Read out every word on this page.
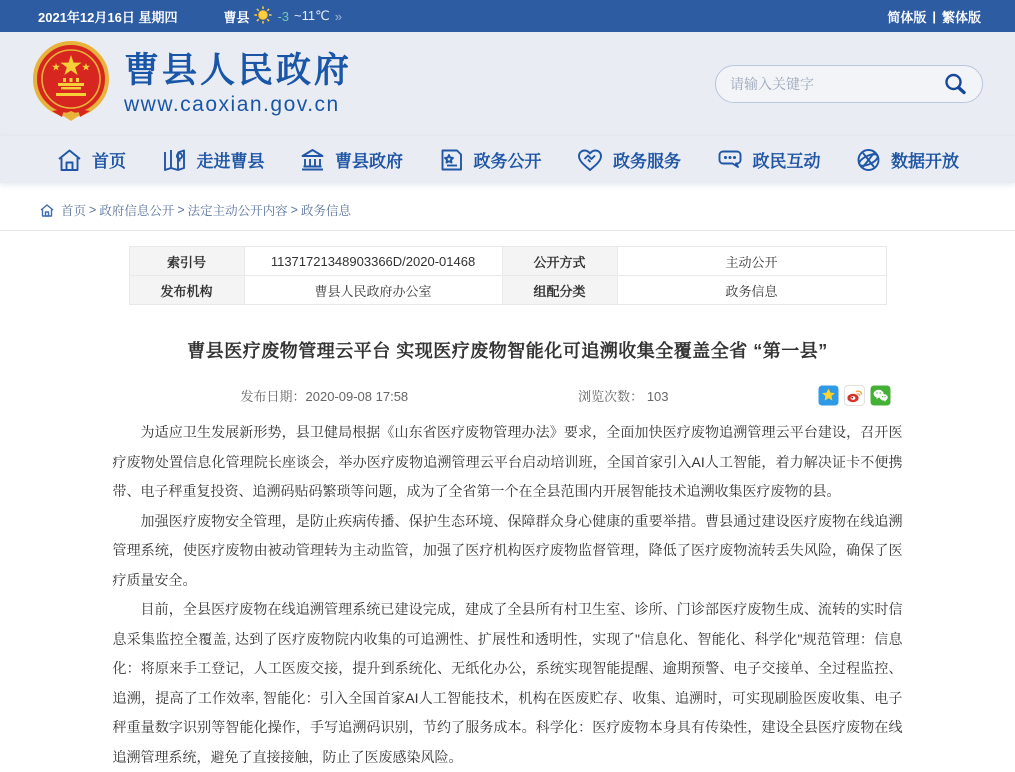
2021年12月16日 星期四	曹县 -3 ~11℃ »	简体版 | 繁体版
曹县人民政府
www.caoxian.gov.cn
请输入关键字
首页	走进曹县	曹县政府	政务公开	政务服务	政民互动	数据开放
首页 > 政府信息公开 > 法定主动公开内容 > 政务信息
索引号	11371721348903366D/2020-01468	公开方式	主动公开
发布机构	曹县人民政府办公室	组配分类	政务信息
曹县医疗废物管理云平台 实现医疗废物智能化可追溯收集全覆盖全省 “第一县”
发布日期：2020-09-08 17:58	浏览次数： 103

为适应卫生发展新形势，县卫健局根据《山东省医疗废物管理办法》要求，全面加快医疗废物追溯管理云平台建设，召开医疗废物处置信息化管理院长座谈会，举办医疗废物追溯管理云平台启动培训班，全国首家引入AI人工智能，着力解决证卡不便携带、电子秤重复投资、追溯码贴码繁琐等问题，成为了全省第一个在全县范围内开展智能技术追溯收集医疗废物的县。

加强医疗废物安全管理，是防止疾病传播、保护生态环境、保障群众身心健康的重要举措。曹县通过建设医疗废物在线追溯管理系统，使医疗废物由被动管理转为主动监管，加强了医疗机构医疗废物监督管理，降低了医疗废物流转丢失风险，确保了医疗质量安全。

目前，全县医疗废物在线追溯管理系统已建设完成，建成了全县所有村卫生室、诊所、门诊部医疗废物生成、流转的实时信息采集监控全覆盖, 达到了医疗废物院内收集的可追溯性、扩展性和透明性，实现了"信息化、智能化、科学化"规范管理：信息化：将原来手工登记，人工医废交接，提升到系统化、无纸化办公，系统实现智能提醒、逾期预警、电子交接单、全过程监控、追溯，提高了工作效率, 智能化：引入全国首家AI人工智能技术，机构在医废贮存、收集、追溯时，可实现刷脸医废收集、电子秤重量数字识别等智能化操作，手写追溯码识别，节约了服务成本。科学化：医疗废物本身具有传染性，建设全县医疗废物在线追溯管理系统，避免了直接接触，防止了医废感染风险。
